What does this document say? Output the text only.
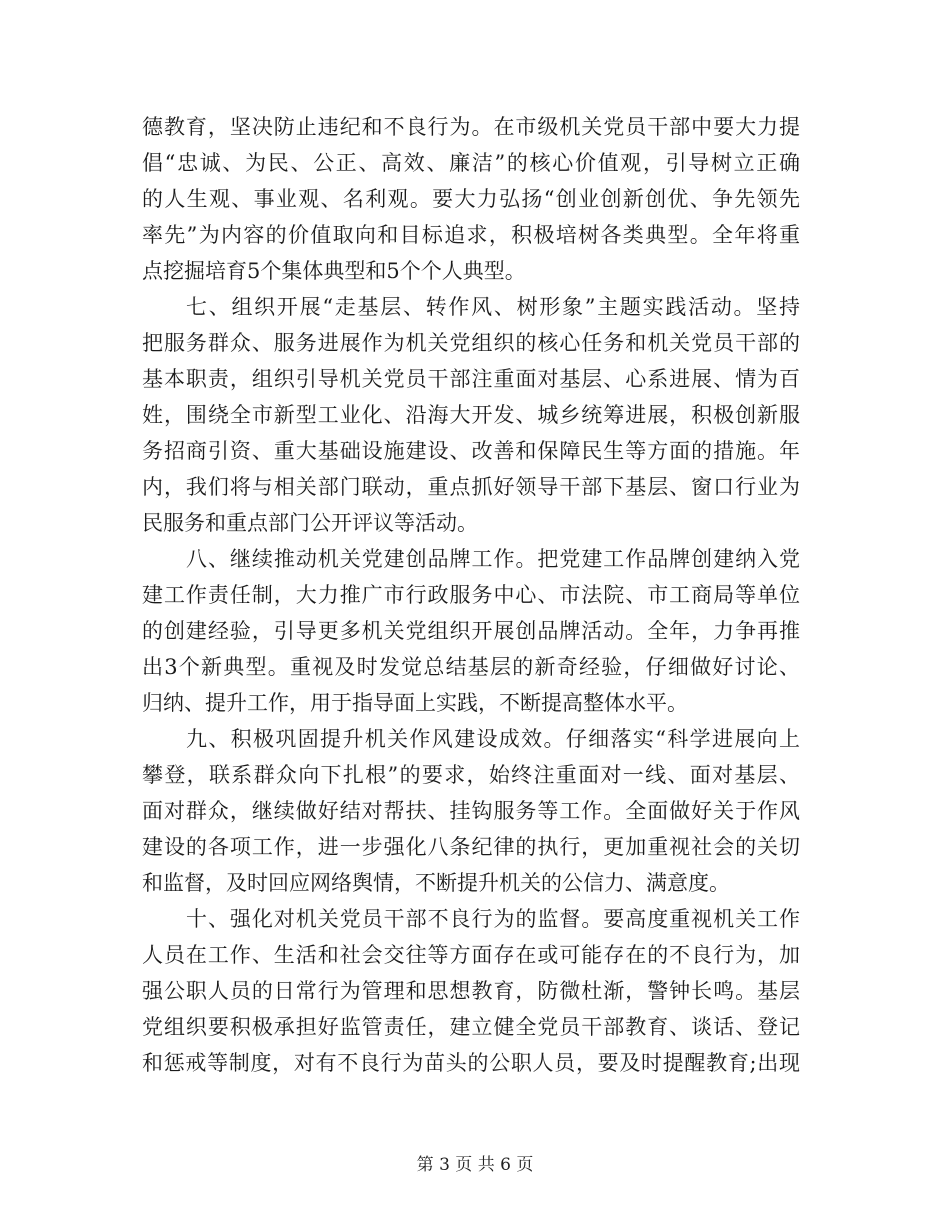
德教育，坚决防止违纪和不良行为。在市级机关党员干部中要大力提
倡“忠诚、为民、公正、高效、廉洁”的核心价值观，引导树立正确
的人生观、事业观、名利观。要大力弘扬“创业创新创优、争先领先
率先”为内容的价值取向和目标追求，积极培树各类典型。全年将重
点挖掘培育5个集体典型和5个个人典型。
七、组织开展“走基层、转作风、树形象”主题实践活动。坚持
把服务群众、服务进展作为机关党组织的核心任务和机关党员干部的
基本职责，组织引导机关党员干部注重面对基层、心系进展、情为百
姓，围绕全市新型工业化、沿海大开发、城乡统筹进展，积极创新服
务招商引资、重大基础设施建设、改善和保障民生等方面的措施。年
内，我们将与相关部门联动，重点抓好领导干部下基层、窗口行业为
民服务和重点部门公开评议等活动。
八、继续推动机关党建创品牌工作。把党建工作品牌创建纳入党
建工作责任制，大力推广市行政服务中心、市法院、市工商局等单位
的创建经验，引导更多机关党组织开展创品牌活动。全年，力争再推
出3个新典型。重视及时发觉总结基层的新奇经验，仔细做好讨论、
归纳、提升工作，用于指导面上实践，不断提高整体水平。
九、积极巩固提升机关作风建设成效。仔细落实“科学进展向上
攀登，联系群众向下扎根”的要求，始终注重面对一线、面对基层、
面对群众，继续做好结对帮扶、挂钩服务等工作。全面做好关于作风
建设的各项工作，进一步强化八条纪律的执行，更加重视社会的关切
和监督，及时回应网络舆情，不断提升机关的公信力、满意度。
十、强化对机关党员干部不良行为的监督。要高度重视机关工作
人员在工作、生活和社会交往等方面存在或可能存在的不良行为，加
强公职人员的日常行为管理和思想教育，防微杜渐，警钟长鸣。基层
党组织要积极承担好监管责任，建立健全党员干部教育、谈话、登记
和惩戒等制度，对有不良行为苗头的公职人员，要及时提醒教育;出现
第 3 页 共 6 页
